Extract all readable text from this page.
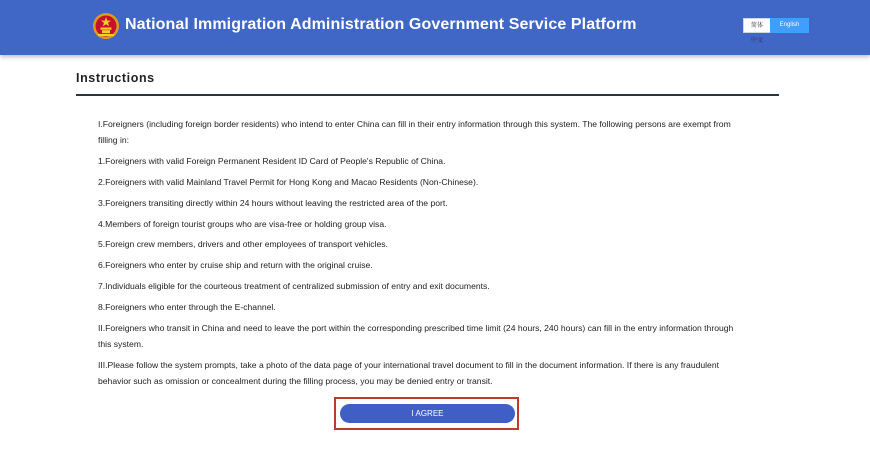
National Immigration Administration Government Service Platform	简体中文
English
Instructions

I.Foreigners (including foreign border residents) who intend to enter China can fill in their entry information through this system. The following persons are exempt from filling in:

1.Foreigners with valid Foreign Permanent Resident ID Card of People's Republic of China.

2.Foreigners with valid Mainland Travel Permit for Hong Kong and Macao Residents (Non-Chinese).

3.Foreigners transiting directly within 24 hours without leaving the restricted area of the port.

4.Members of foreign tourist groups who are visa-free or holding group visa.

5.Foreign crew members, drivers and other employees of transport vehicles.

6.Foreigners who enter by cruise ship and return with the original cruise.

7.Individuals eligible for the courteous treatment of centralized submission of entry and exit documents.

8.Foreigners who enter through the E-channel.

II.Foreigners who transit in China and need to leave the port within the corresponding prescribed time limit (24 hours, 240 hours) can fill in the entry information through this system.

III.Please follow the system prompts, take a photo of the data page of your international travel document to fill in the document information. If there is any fraudulent behavior such as omission or concealment during the filling process, you may be denied entry or transit.

I AGREE
